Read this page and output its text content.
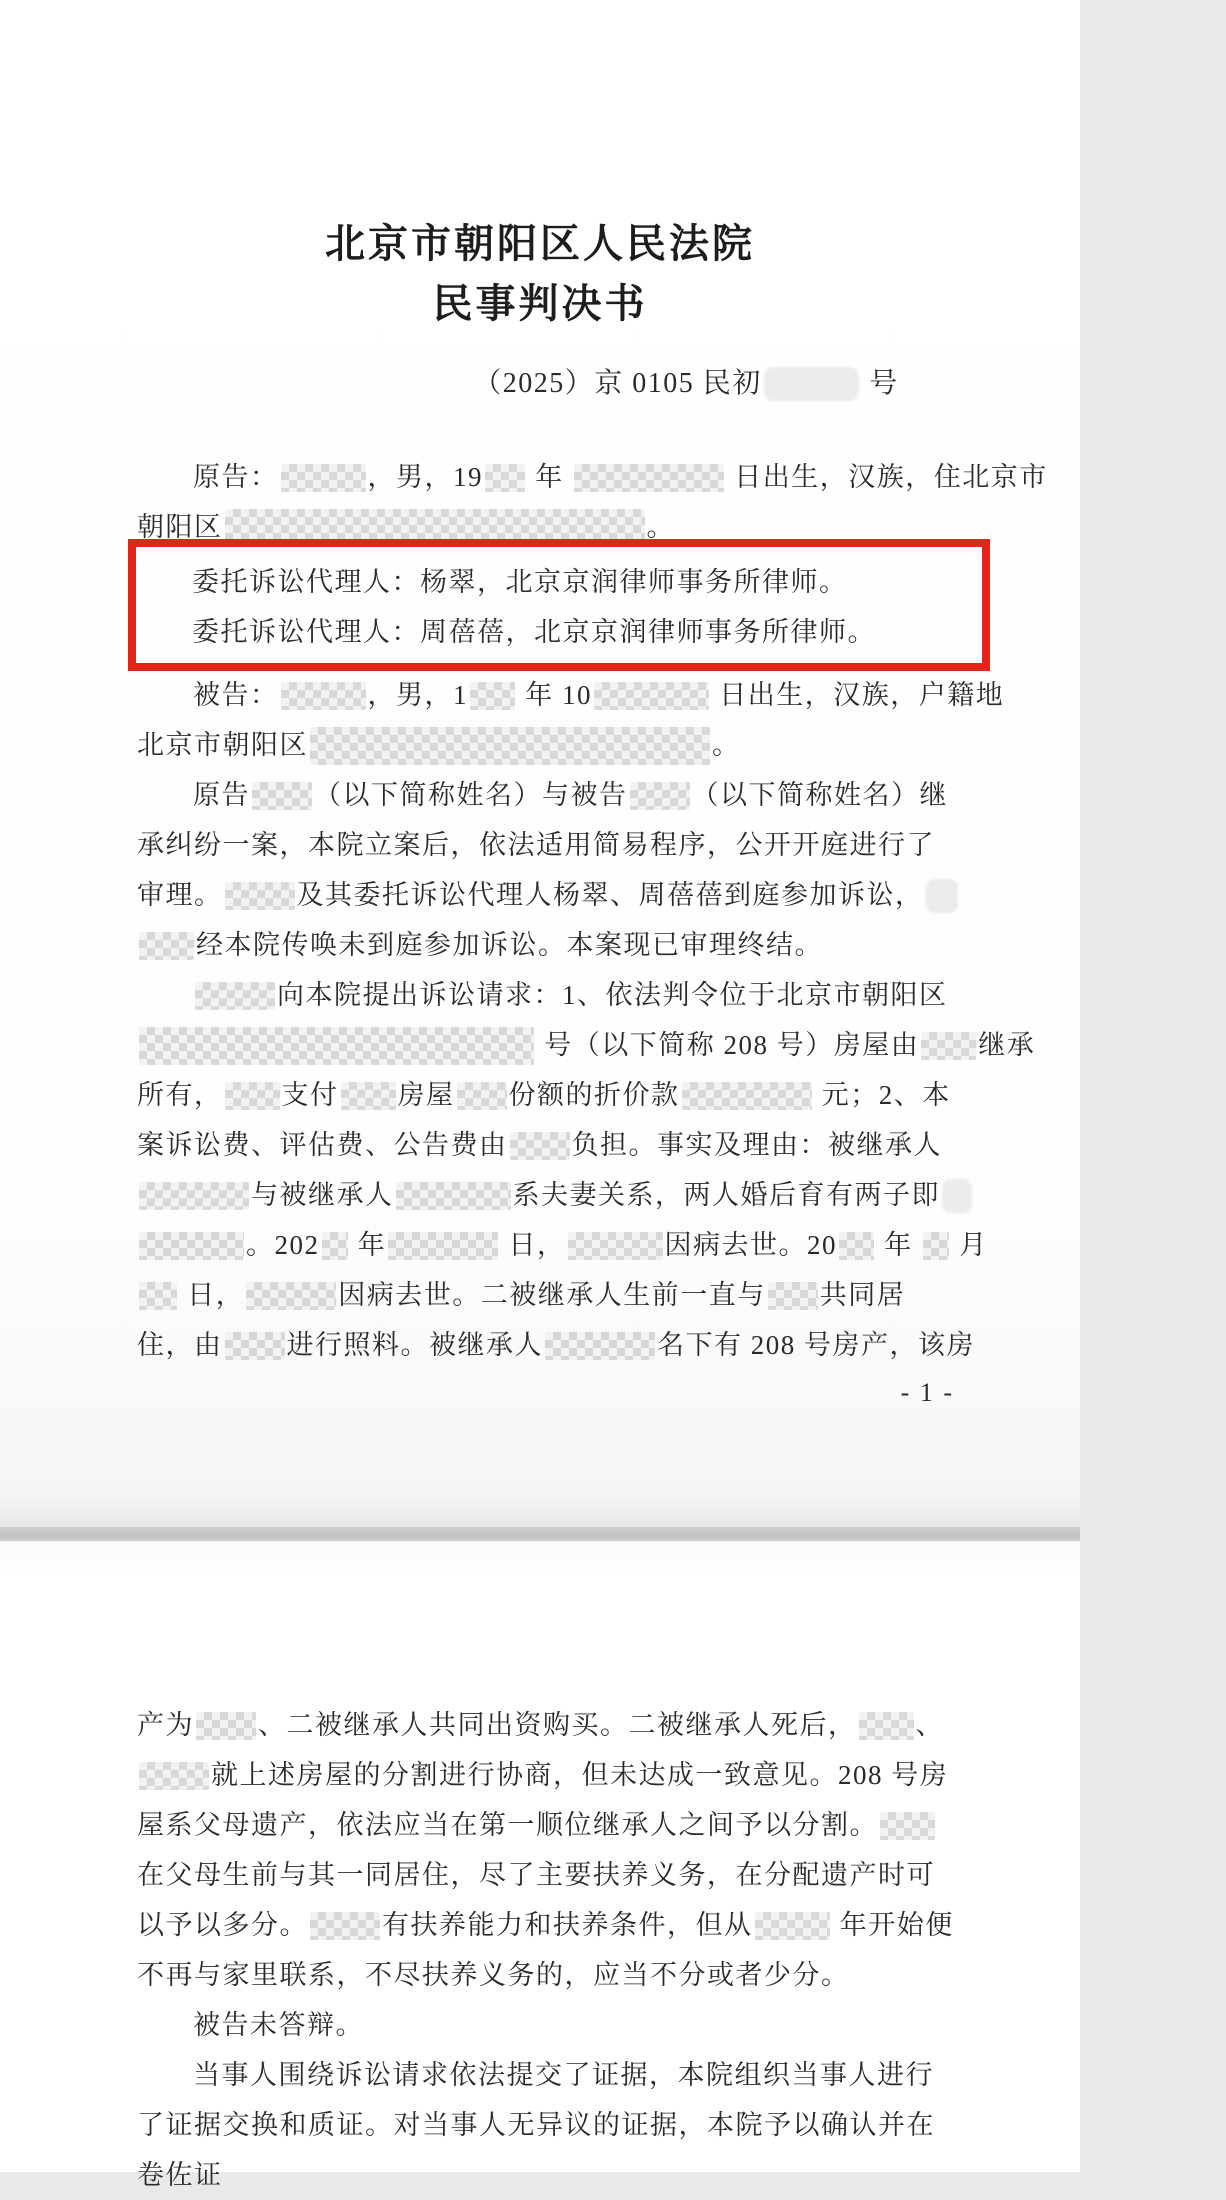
北京市朝阳区人民法院
民事判决书
（2025）京 0105 民初	号
原告：	，男，19 年	日出生，汉族，住北京市
朝阳区	。
委托诉讼代理人：杨翠，北京京润律师事务所律师。
委托诉讼代理人：周蓓蓓，北京京润律师事务所律师。
被告：	，男，1 年 10	日出生，汉族，户籍地
北京市朝阳区	。
原告 （以下简称姓名）与被告 （以下简称姓名）继
承纠纷一案，本院立案后，依法适用简易程序，公开开庭进行了
审理。	及其委托诉讼代理人杨翠、周蓓蓓到庭参加诉讼，
经本院传唤未到庭参加诉讼。本案现已审理终结。
向本院提出诉讼请求：1、依法判令位于北京市朝阳区
号（以下简称 208 号）房屋由 继承
所有， 支付 房屋 份额的折价款	元；2、本
案诉讼费、评估费、公告费由 负担。事实及理由：被继承人
与被继承人	系夫妻关系，两人婚后育有两子即
。202 年	日，	因病去世。20 年  月
日，	因病去世。二被继承人生前一直与 共同居
住，由 进行照料。被继承人	名下有 208 号房产，该房
- 1 -
产为 、二被继承人共同出资购买。二被继承人死后， 、
就上述房屋的分割进行协商，但未达成一致意见。208 号房
屋系父母遗产，依法应当在第一顺位继承人之间予以分割。
在父母生前与其一同居住，尽了主要扶养义务，在分配遗产时可
以予以多分。	有扶养能力和扶养条件，但从	年开始便
不再与家里联系，不尽扶养义务的，应当不分或者少分。
被告未答辩。
当事人围绕诉讼请求依法提交了证据，本院组织当事人进行
了证据交换和质证。对当事人无异议的证据，本院予以确认并在
卷佐证
